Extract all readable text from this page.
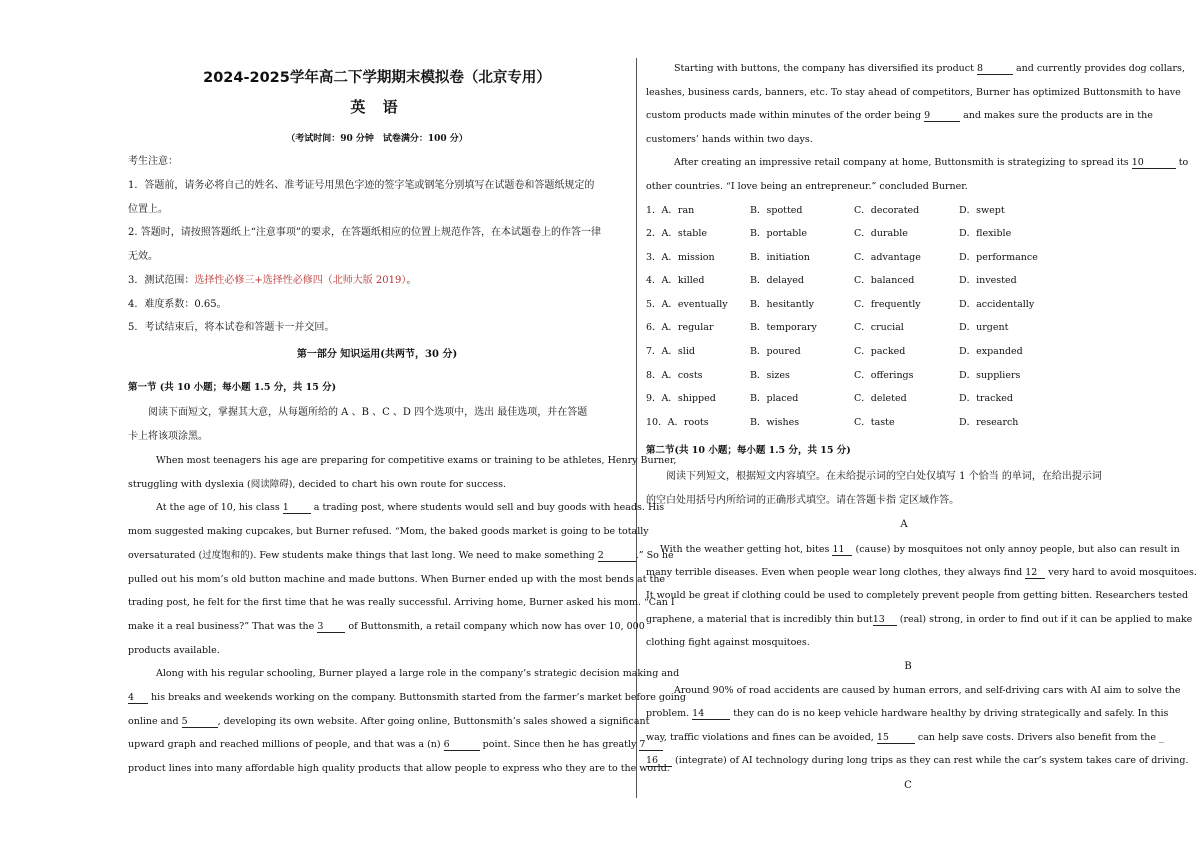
2024-2025学年高二下学期期末模拟卷（北京专用）
英 语
（考试时间：90 分钟　试卷满分：100 分）
考生注意：
1．答题前，请务必将自己的姓名、准考证号用黑色字迹的签字笔或钢笔分别填写在试题卷和答题纸规定的
位置上。
2. 答题时，请按照答题纸上“注意事项”的要求，在答题纸相应的位置上规范作答，在本试题卷上的作答一律
无效。
3．测试范围：选择性必修三+选择性必修四（北师大版 2019）。
4．难度系数：0.65。
5．考试结束后，将本试卷和答题卡一并交回。
第一部分 知识运用(共两节，30 分)
第一节 (共 10 小题；每小题 1.5 分，共 15 分)
阅读下面短文，掌握其大意，从每题所给的 A 、B 、C 、D 四个选项中，选出 最佳选项，并在答题
卡上将该项涂黑。
When most teenagers his age are preparing for competitive exams or training to be athletes, Henry Burner,
struggling with dyslexia (阅读障碍), decided to chart his own route for success.
At the age of 10, his class 1	a trading post, where students would sell and buy goods with heads. His
mom suggested making cupcakes, but Burner refused. “Mom, the baked goods market is going to be totally
oversaturated (过度饱和的). Few students make things that last long. We need to make something 2	.” So he
pulled out his mom’s old button machine and made buttons. When Burner ended up with the most bends at the
trading post, he felt for the first time that he was really successful. Arriving home, Burner asked his mom. “Can I
make it a real business?” That was the 3	of Buttonsmith, a retail company which now has over 10, 000
products available.
Along with his regular schooling, Burner played a large role in the company’s strategic decision making and
4 his breaks and weekends working on the company. Buttonsmith started from the farmer’s market before going
online and 5	, developing its own website. After going online, Buttonsmith’s sales showed a significant
upward graph and reached millions of people, and that was a (n) 6	point. Since then he has greatly 7
product lines into many affordable high quality products that allow people to express who they are to the world.
Starting with buttons, the company has diversified its product 8	and currently provides dog collars,
leashes, business cards, banners, etc. To stay ahead of competitors, Burner has optimized Buttonsmith to have
custom products made within minutes of the order being 9	and makes sure the products are in the
customers’ hands within two days.
After creating an impressive retail company at home, Buttonsmith is strategizing to spread its 10	to
other countries. “I love being an entrepreneur.” concluded Burner.
1．A．ran	B．spotted	C．decorated	D．swept
2．A．stable	B．portable	C．durable	D．flexible
3．A．mission	B．initiation	C．advantage	D．performance
4．A．killed	B．delayed	C．balanced	D．invested
5．A．eventually B．hesitantly	C．frequently	D．accidentally
6．A．regular	B．temporary	C．crucial	D．urgent
7．A．slid	B．poured	C．packed	D．expanded
8．A．costs	B．sizes	C．offerings	D．suppliers
9．A．shipped	B．placed	C．deleted	D．tracked
10．A．roots	B．wishes	C．taste	D．research
第二节(共 10 小题；每小题 1.5 分，共 15 分)
阅读下列短文，根据短文内容填空。在未给提示词的空白处仅填写 1 个恰当 的单词，在给出提示词
的空白处用括号内所给词的正确形式填空。请在答题卡指 定区域作答。
A
With the weather getting hot, bites 11 (cause) by mosquitoes not only annoy people, but also can result in
many terrible diseases. Even when people wear long clothes, they always find 12 very hard to avoid mosquitoes.
It would be great if clothing could be used to completely prevent people from getting bitten. Researchers tested
graphene, a material that is incredibly thin but13 (real) strong, in order to find out if it can be applied to make
clothing fight against mosquitoes.
B
Around 90% of road accidents are caused by human errors, and self-driving cars with AI aim to solve the
problem. 14	they can do is no keep vehicle hardware healthy by driving strategically and safely. In this
way, traffic violations and fines can be avoided, 15	can help save costs. Drivers also benefit from the _
16 (integrate) of AI technology during long trips as they can rest while the car’s system takes care of driving.
C
